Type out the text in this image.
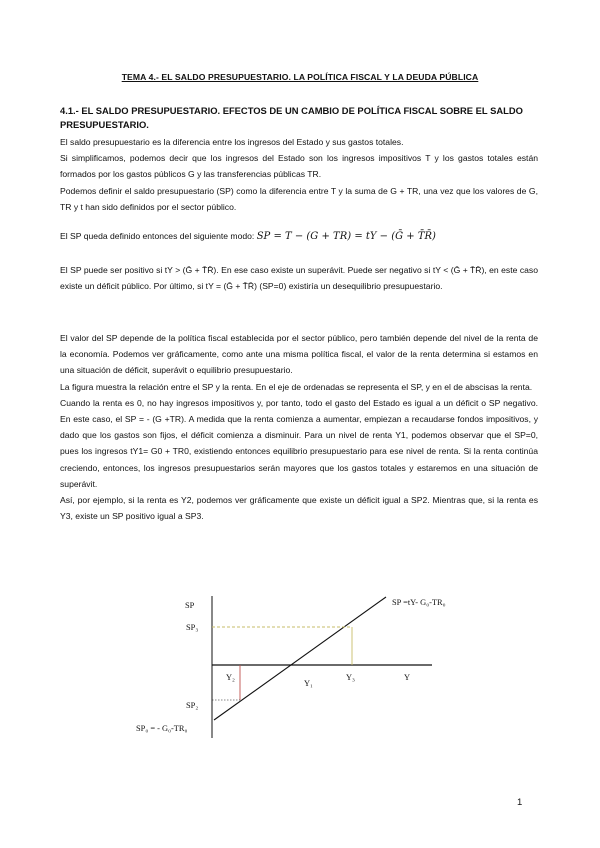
TEMA 4.- EL SALDO PRESUPUESTARIO. LA POLÍTICA FISCAL Y LA DEUDA PÚBLICA
4.1.- EL SALDO PRESUPUESTARIO. EFECTOS DE UN CAMBIO DE POLÍTICA FISCAL SOBRE EL SALDO PRESUPUESTARIO.
El saldo presupuestario es la diferencia entre los ingresos del Estado y sus gastos totales.
Si simplificamos, podemos decir que los ingresos del Estado son los ingresos impositivos T y los gastos totales están formados por los gastos públicos G y las transferencias públicas TR.
Podemos definir el saldo presupuestario (SP) como la diferencia entre T y la suma de G + TR, una vez que los valores de G, TR y t han sido definidos por el sector público.
El SP queda definido entonces del siguiente modo: SP = T − (G + TR) = tY − (Ḡ + T̄R̄)
El SP puede ser positivo si tY > (Ḡ + T̄R̄). En ese caso existe un superávit. Puede ser negativo si tY < (Ḡ + T̄R̄), en este caso existe un déficit público. Por último, si tY = (Ḡ + T̄R̄) (SP=0) existiría un desequilibrio presupuestario.
El valor del SP depende de la política fiscal establecida por el sector público, pero también depende del nivel de la renta de la economía. Podemos ver gráficamente, como ante una misma política fiscal, el valor de la renta determina si estamos en una situación de déficit, superávit o equilibrio presupuestario.
La figura muestra la relación entre el SP y la renta. En el eje de ordenadas se representa el SP, y en el de abscisas la renta.
Cuando la renta es 0, no hay ingresos impositivos y, por tanto, todo el gasto del Estado es igual a un déficit o SP negativo. En este caso, el SP = - (G +TR). A medida que la renta comienza a aumentar, empiezan a recaudarse fondos impositivos, y dado que los gastos son fijos, el déficit comienza a disminuir. Para un nivel de renta Y1, podemos observar que el SP=0, pues los ingresos tY1= G0 + TR0, existiendo entonces equilibrio presupuestario para ese nivel de renta. Si la renta continúa creciendo, entonces, los ingresos presupuestarios serán mayores que los gastos totales y estaremos en una situación de superávit.
Así, por ejemplo, si la renta es Y2, podemos ver gráficamente que existe un déficit igual a SP2. Mientras que, si la renta es Y3, existe un SP positivo igual a SP3.
SP
SP₃
Y₂
Y₁
Y₃	Y
SP₂
SP =tY- G₀-TR₀
SP₀ = - G₀-TR₀
1
